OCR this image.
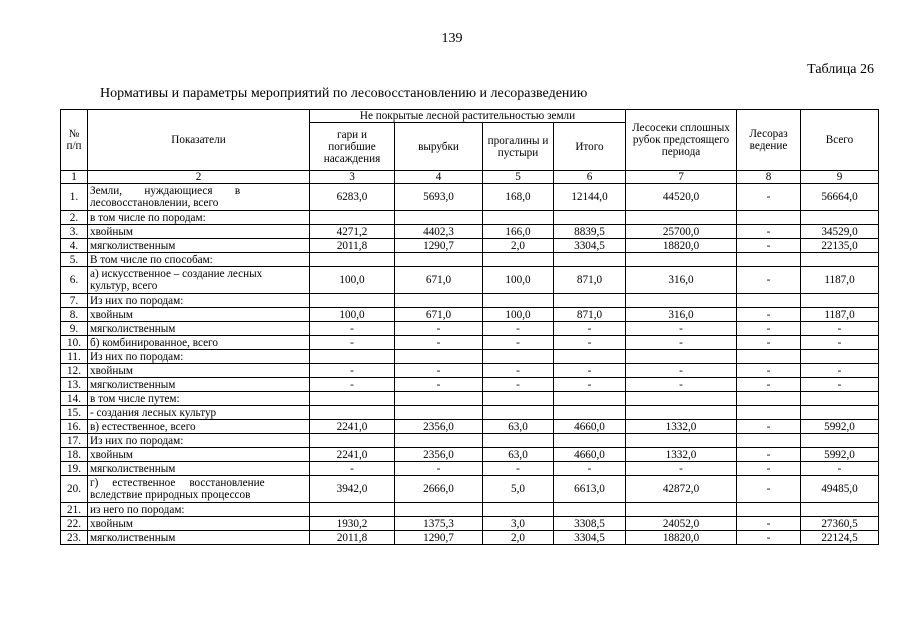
139
Таблица 26
Нормативы и параметры мероприятий по лесовосстановлению и лесоразведению
№ п/п	Показатели	Не покрытые лесной растительностью земли				Лесосеки сплошных рубок предстоящего периода	Лесораз ведение	Всего
		гари и погибшие насаждения	вырубки	прогалины и пустыри	Итого			
1	2	3	4	5	6	7	8	9
1.	Земли,        нуждающиеся        в
лесовосстановлении, всего	6283,0	5693,0	168,0	12144,0	44520,0	-	56664,0
2.	в том числе по породам:							
3.	хвойным	4271,2	4402,3	166,0	8839,5	25700,0	-	34529,0
4.	мягколиственным	2011,8	1290,7	2,0	3304,5	18820,0	-	22135,0
5.	В том числе по способам:							
6.	а) искусственное – создание лесных
культур, всего	100,0	671,0	100,0	871,0	316,0	-	1187,0
7.	Из них по породам:							
8.	хвойным	100,0	671,0	100,0	871,0	316,0	-	1187,0
9.	мягколиственным	-	-	-	-	-	-	-
10.	б) комбинированное, всего	-	-	-	-	-	-	-
11.	Из них по породам:							
12.	хвойным	-	-	-	-	-	-	-
13.	мягколиственным	-	-	-	-	-	-	-
14.	в том числе путем:							
15.	- создания лесных культур							
16.	в) естественное, всего	2241,0	2356,0	63,0	4660,0	1332,0	-	5992,0
17.	Из них по породам:							
18.	хвойным	2241,0	2356,0	63,0	4660,0	1332,0	-	5992,0
19.	мягколиственным	-	-	-	-	-	-	-
20.	г)     естественное     восстановление
вследствие природных процессов	3942,0	2666,0	5,0	6613,0	42872,0	-	49485,0
21.	из него по породам:							
22.	хвойным	1930,2	1375,3	3,0	3308,5	24052,0	-	27360,5
23.	мягколиственным	2011,8	1290,7	2,0	3304,5	18820,0	-	22124,5
